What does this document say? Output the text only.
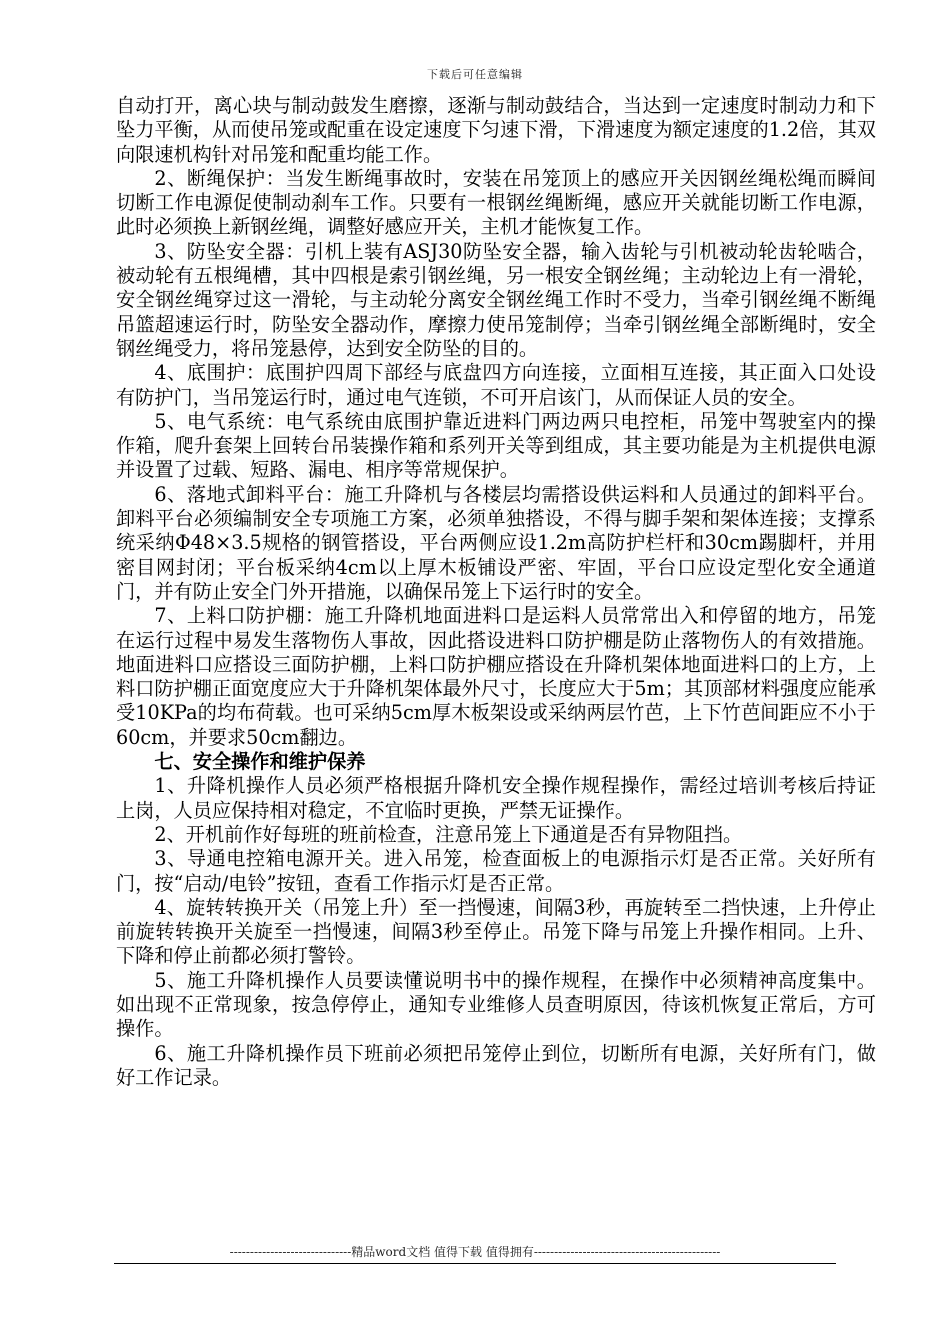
下载后可任意编辑

自动打开，离心块与制动鼓发生磨擦，逐渐与制动鼓结合，当达到一定速度时制动力和下坠力平衡，从而使吊笼或配重在设定速度下匀速下滑，下滑速度为额定速度的1.2倍，其双向限速机构针对吊笼和配重均能工作。

2、断绳保护：当发生断绳事故时，安装在吊笼顶上的感应开关因钢丝绳松绳而瞬间切断工作电源促使制动刹车工作。只要有一根钢丝绳断绳，感应开关就能切断工作电源，此时必须换上新钢丝绳，调整好感应开关，主机才能恢复工作。

3、防坠安全器：引机上装有ASJ30防坠安全器，输入齿轮与引机被动轮齿轮啮合，被动轮有五根绳槽，其中四根是索引钢丝绳，另一根安全钢丝绳；主动轮边上有一滑轮，安全钢丝绳穿过这一滑轮，与主动轮分离安全钢丝绳工作时不受力，当牵引钢丝绳不断绳吊篮超速运行时，防坠安全器动作，摩擦力使吊笼制停；当牵引钢丝绳全部断绳时，安全钢丝绳受力，将吊笼悬停，达到安全防坠的目的。

4、底围护：底围护四周下部经与底盘四方向连接，立面相互连接，其正面入口处设有防护门，当吊笼运行时，通过电气连锁，不可开启该门，从而保证人员的安全。

5、电气系统：电气系统由底围护靠近进料门两边两只电控柜，吊笼中驾驶室内的操作箱，爬升套架上回转台吊装操作箱和系列开关等到组成，其主要功能是为主机提供电源并设置了过载、短路、漏电、相序等常规保护。

6、落地式卸料平台：施工升降机与各楼层均需搭设供运料和人员通过的卸料平台。卸料平台必须编制安全专项施工方案，必须单独搭设，不得与脚手架和架体连接；支撑系统采纳Φ48×3.5规格的钢管搭设，平台两侧应设1.2m高防护栏杆和30cm踢脚杆，并用密目网封闭；平台板采纳4cm以上厚木板铺设严密、牢固，平台口应设定型化安全通道门，并有防止安全门外开措施，以确保吊笼上下运行时的安全。

7、上料口防护棚：施工升降机地面进料口是运料人员常常出入和停留的地方，吊笼在运行过程中易发生落物伤人事故，因此搭设进料口防护棚是防止落物伤人的有效措施。地面进料口应搭设三面防护棚，上料口防护棚应搭设在升降机架体地面进料口的上方，上料口防护棚正面宽度应大于升降机架体最外尺寸，长度应大于5m；其顶部材料强度应能承受10KPa的均布荷载。也可采纳5cm厚木板架设或采纳两层竹芭，上下竹芭间距应不小于60cm，并要求50cm翻边。

七、安全操作和维护保养

1、升降机操作人员必须严格根据升降机安全操作规程操作，需经过培训考核后持证上岗，人员应保持相对稳定，不宜临时更换，严禁无证操作。

2、开机前作好每班的班前检查，注意吊笼上下通道是否有异物阻挡。

3、导通电控箱电源开关。进入吊笼，检查面板上的电源指示灯是否正常。关好所有门，按“启动/电铃”按钮，查看工作指示灯是否正常。

4、旋转转换开关（吊笼上升）至一挡慢速，间隔3秒，再旋转至二挡快速，上升停止前旋转转换开关旋至一挡慢速，间隔3秒至停止。吊笼下降与吊笼上升操作相同。上升、下降和停止前都必须打警铃。

5、施工升降机操作人员要读懂说明书中的操作规程，在操作中必须精神高度集中。如出现不正常现象，按急停停止，通知专业维修人员查明原因，待该机恢复正常后，方可操作。

6、施工升降机操作员下班前必须把吊笼停止到位，切断所有电源，关好所有门，做好工作记录。

------------------------------精品word文档 值得下载 值得拥有----------------------------------------------
